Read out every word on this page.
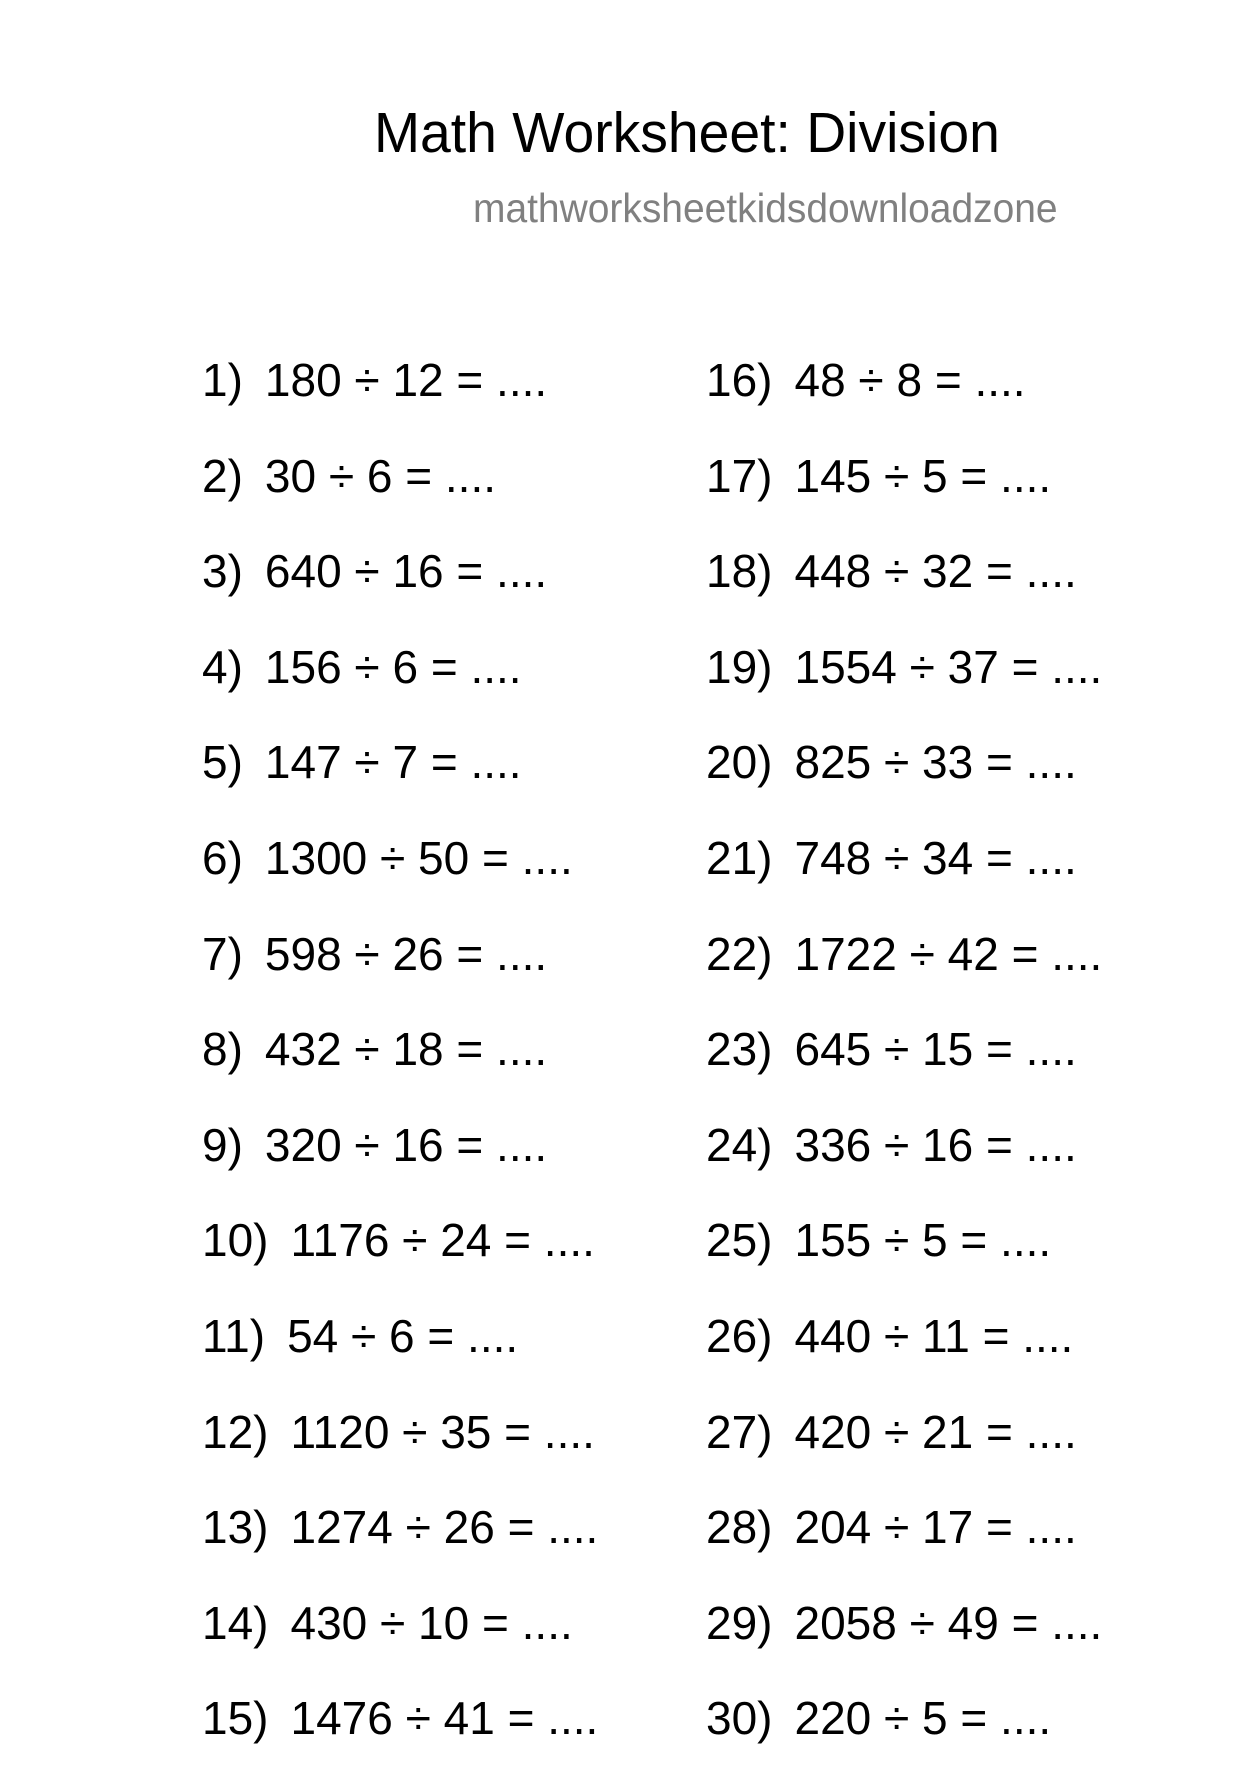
Math Worksheet: Division
mathworksheetkidsdownloadzone
1) 180 ÷ 12 = ....
2) 30 ÷ 6 = ....
3) 640 ÷ 16 = ....
4) 156 ÷ 6 = ....
5) 147 ÷ 7 = ....
6) 1300 ÷ 50 = ....
7) 598 ÷ 26 = ....
8) 432 ÷ 18 = ....
9) 320 ÷ 16 = ....
10) 1176 ÷ 24 = ....
11) 54 ÷ 6 = ....
12) 1120 ÷ 35 = ....
13) 1274 ÷ 26 = ....
14) 430 ÷ 10 = ....
15) 1476 ÷ 41 = ....
16) 48 ÷ 8 = ....
17) 145 ÷ 5 = ....
18) 448 ÷ 32 = ....
19) 1554 ÷ 37 = ....
20) 825 ÷ 33 = ....
21) 748 ÷ 34 = ....
22) 1722 ÷ 42 = ....
23) 645 ÷ 15 = ....
24) 336 ÷ 16 = ....
25) 155 ÷ 5 = ....
26) 440 ÷ 11 = ....
27) 420 ÷ 21 = ....
28) 204 ÷ 17 = ....
29) 2058 ÷ 49 = ....
30) 220 ÷ 5 = ....
